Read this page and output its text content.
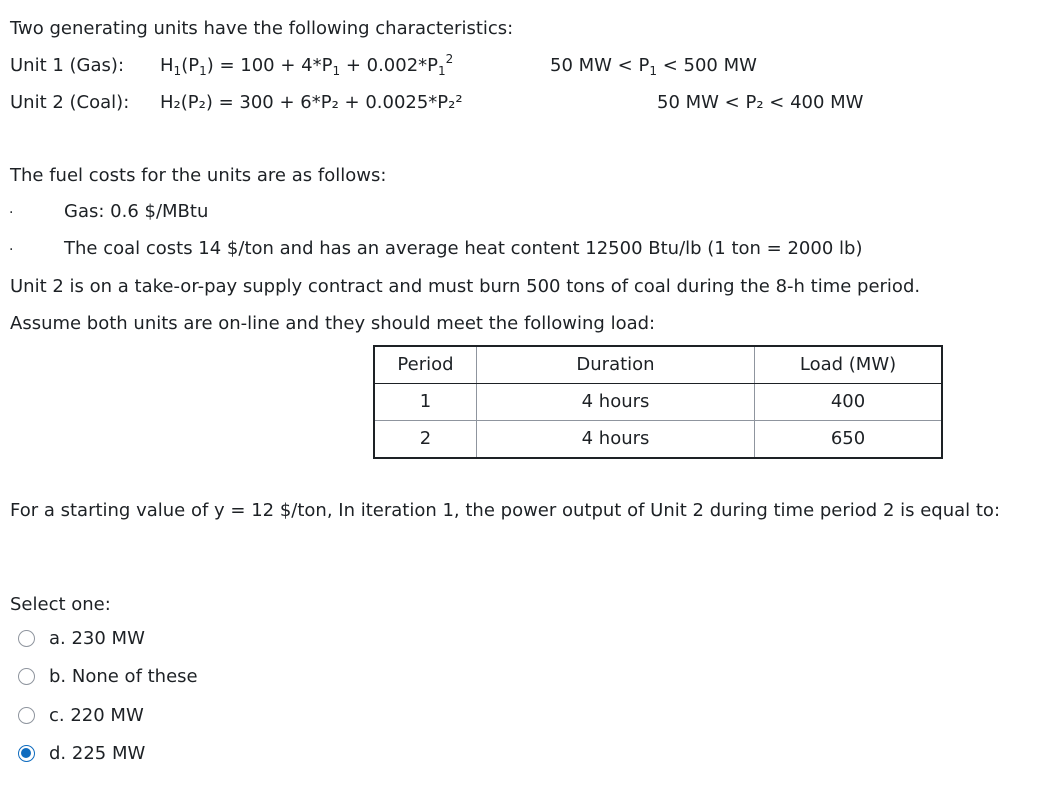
Two generating units have the following characteristics:
Unit 1 (Gas): $H_1(P_1) = 100 + 4*P_1 + 0.002*P_1^2$	50 MW < $P_1 < 500$ MW
Unit 2 (Coal): H₂(P₂) = 300 + 6*P₂ + 0.0025*P₂²	50 MW < P₂ < 400 MW
The fuel costs for the units are as follows:
·	Gas: 0.6 $/MBtu
·	The coal costs 14 $/ton and has an average heat content 12500 Btu/lb (1 ton = 2000 lb)
Unit 2 is on a take-or-pay supply contract and must burn 500 tons of coal during the 8-h time period.
Assume both units are on-line and they should meet the following load:
Period	Duration	Load (MW)
1	4 hours	400
2	4 hours	650
For a starting value of y = 12 $/ton, In iteration 1, the power output of Unit 2 during time period 2 is equal to:
Select one:
a. 230 MW
b. None of these
c. 220 MW
d. 225 MW
